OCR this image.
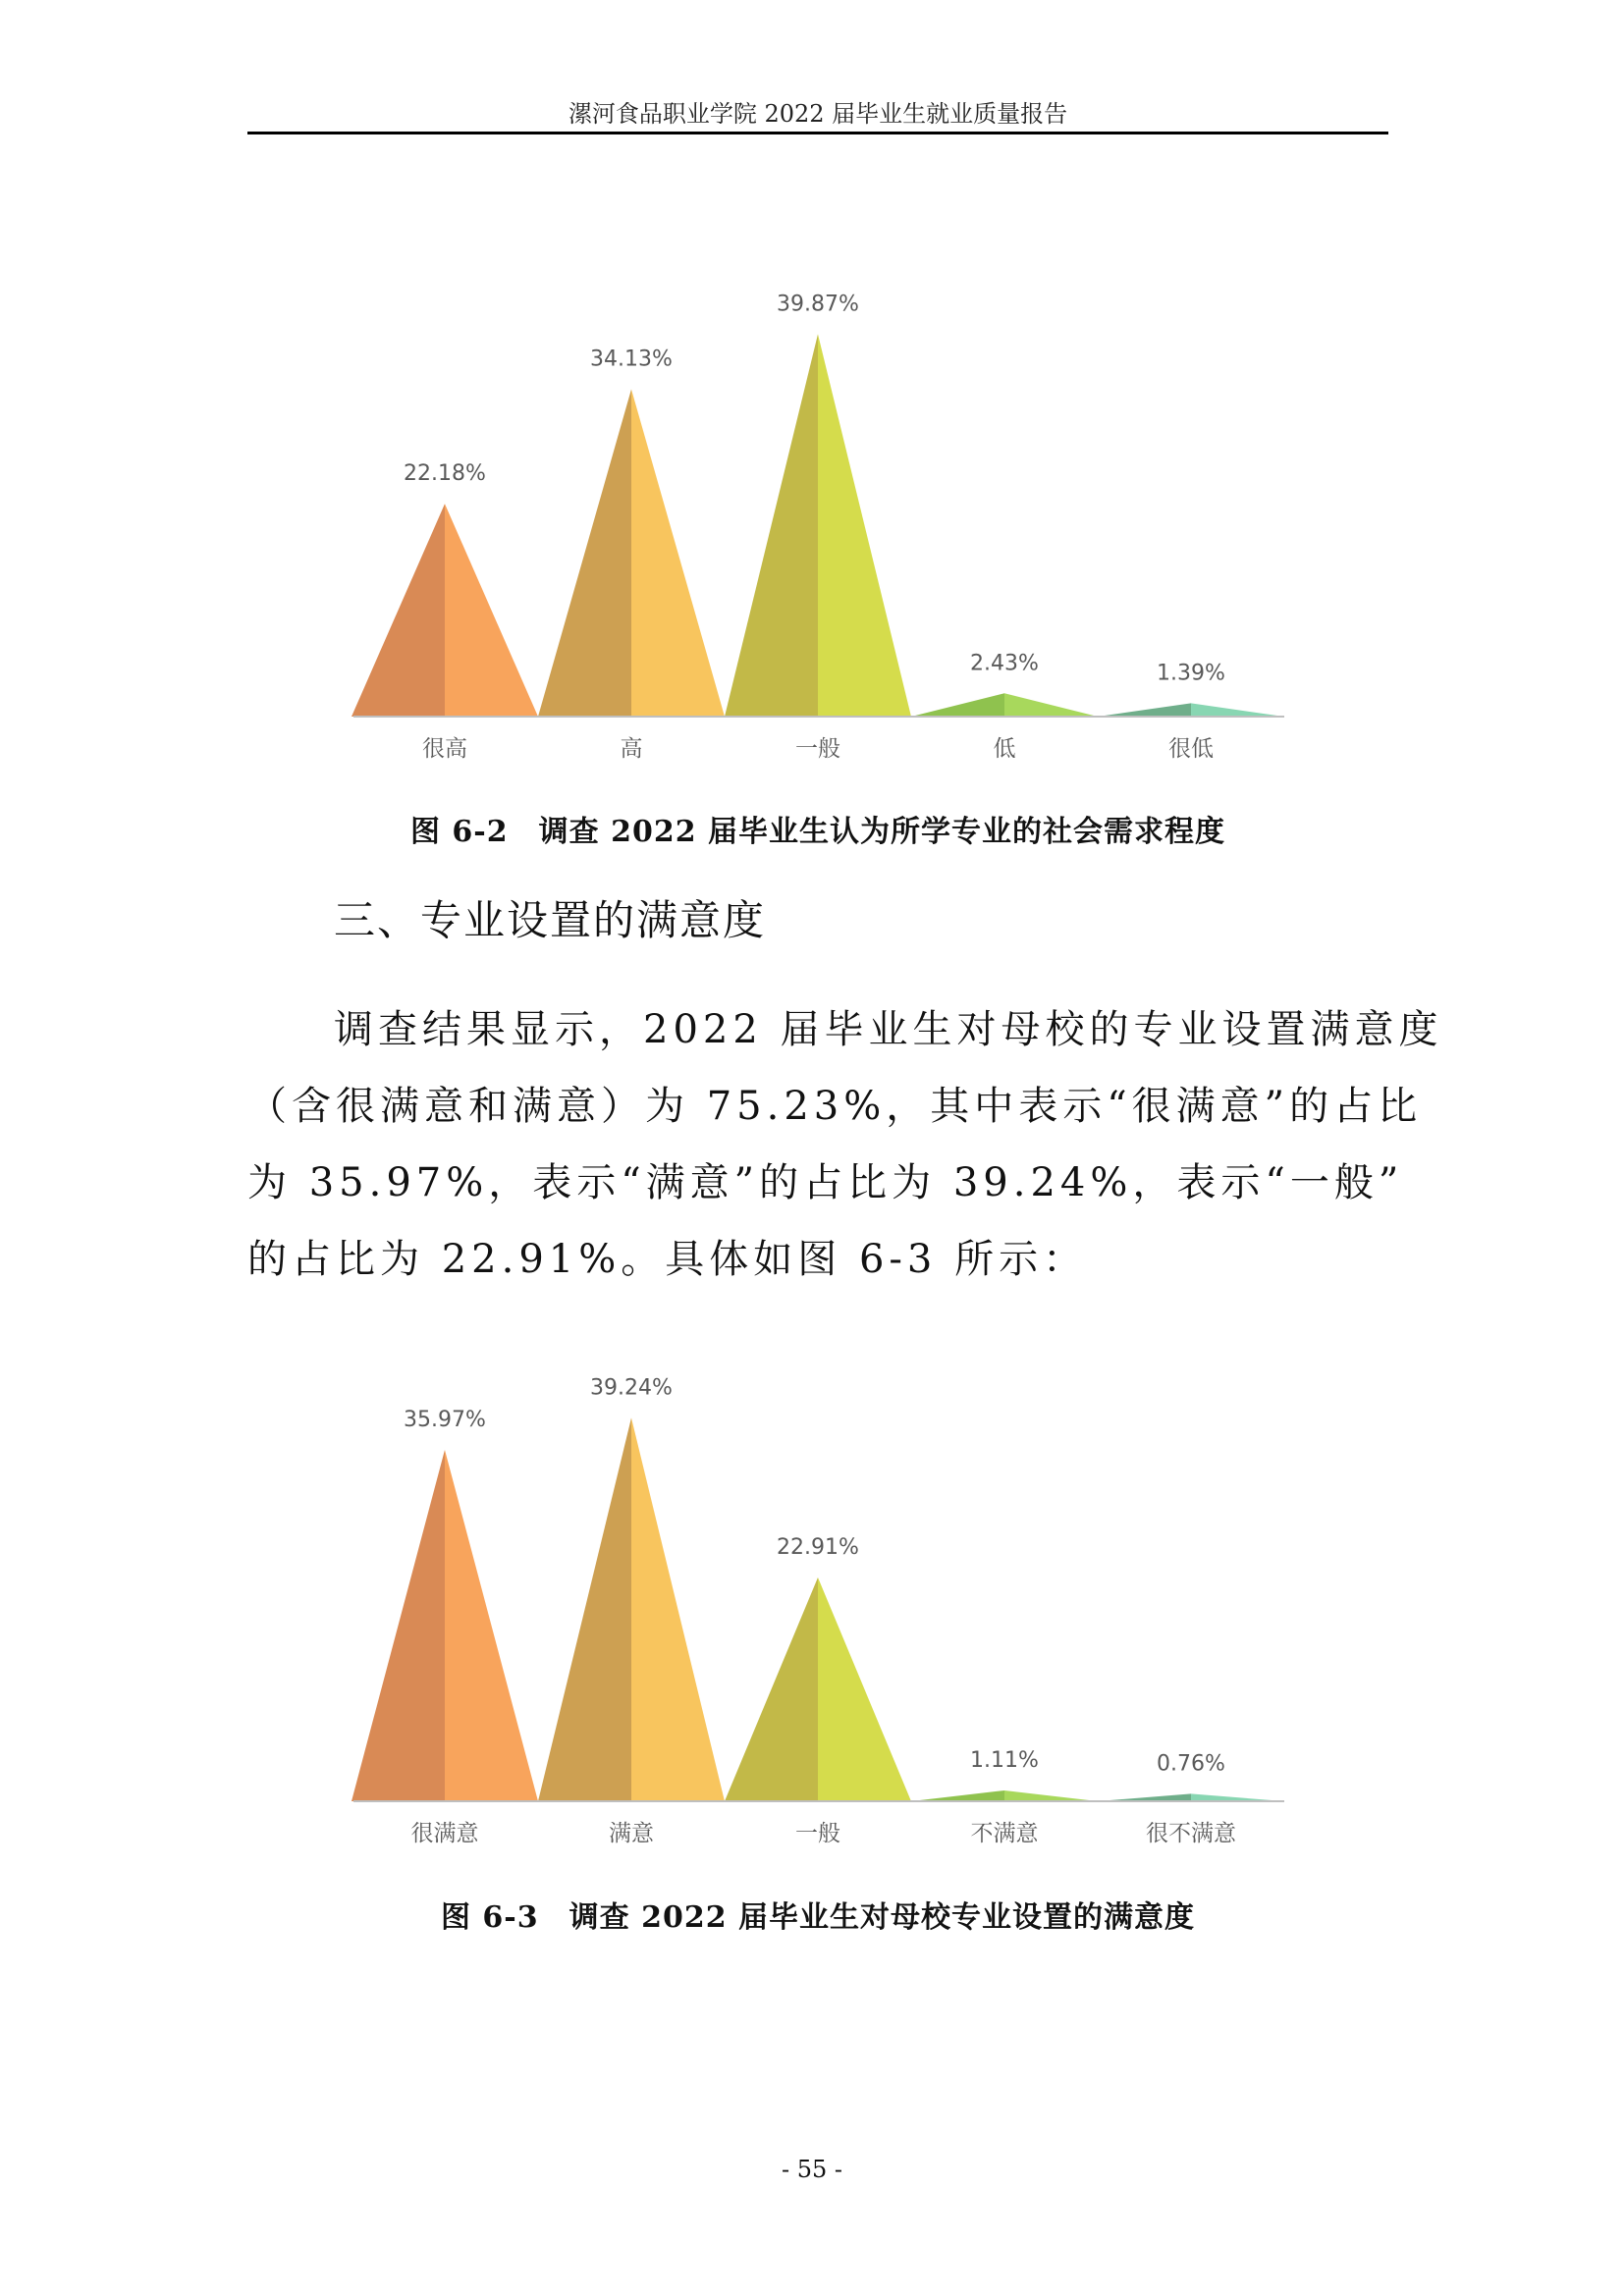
漯河食品职业学院 2022 届毕业生就业质量报告
22.18%
很高
34.13%
高
39.87%
一般
2.43%
低
1.39%
很低
图 6-2　调查 2022 届毕业生认为所学专业的社会需求程度
三、专业设置的满意度
调查结果显示，2022 届毕业生对母校的专业设置满意度
（含很满意和满意）为 75.23%，其中表示“很满意”的占比
为 35.97%，表示“满意”的占比为 39.24%，表示“一般”
的占比为 22.91%。具体如图 6-3 所示：
35.97%
很满意
39.24%
满意
22.91%
一般
1.11%
不满意
0.76%
很不满意
图 6-3　调查 2022 届毕业生对母校专业设置的满意度
- 55 -
